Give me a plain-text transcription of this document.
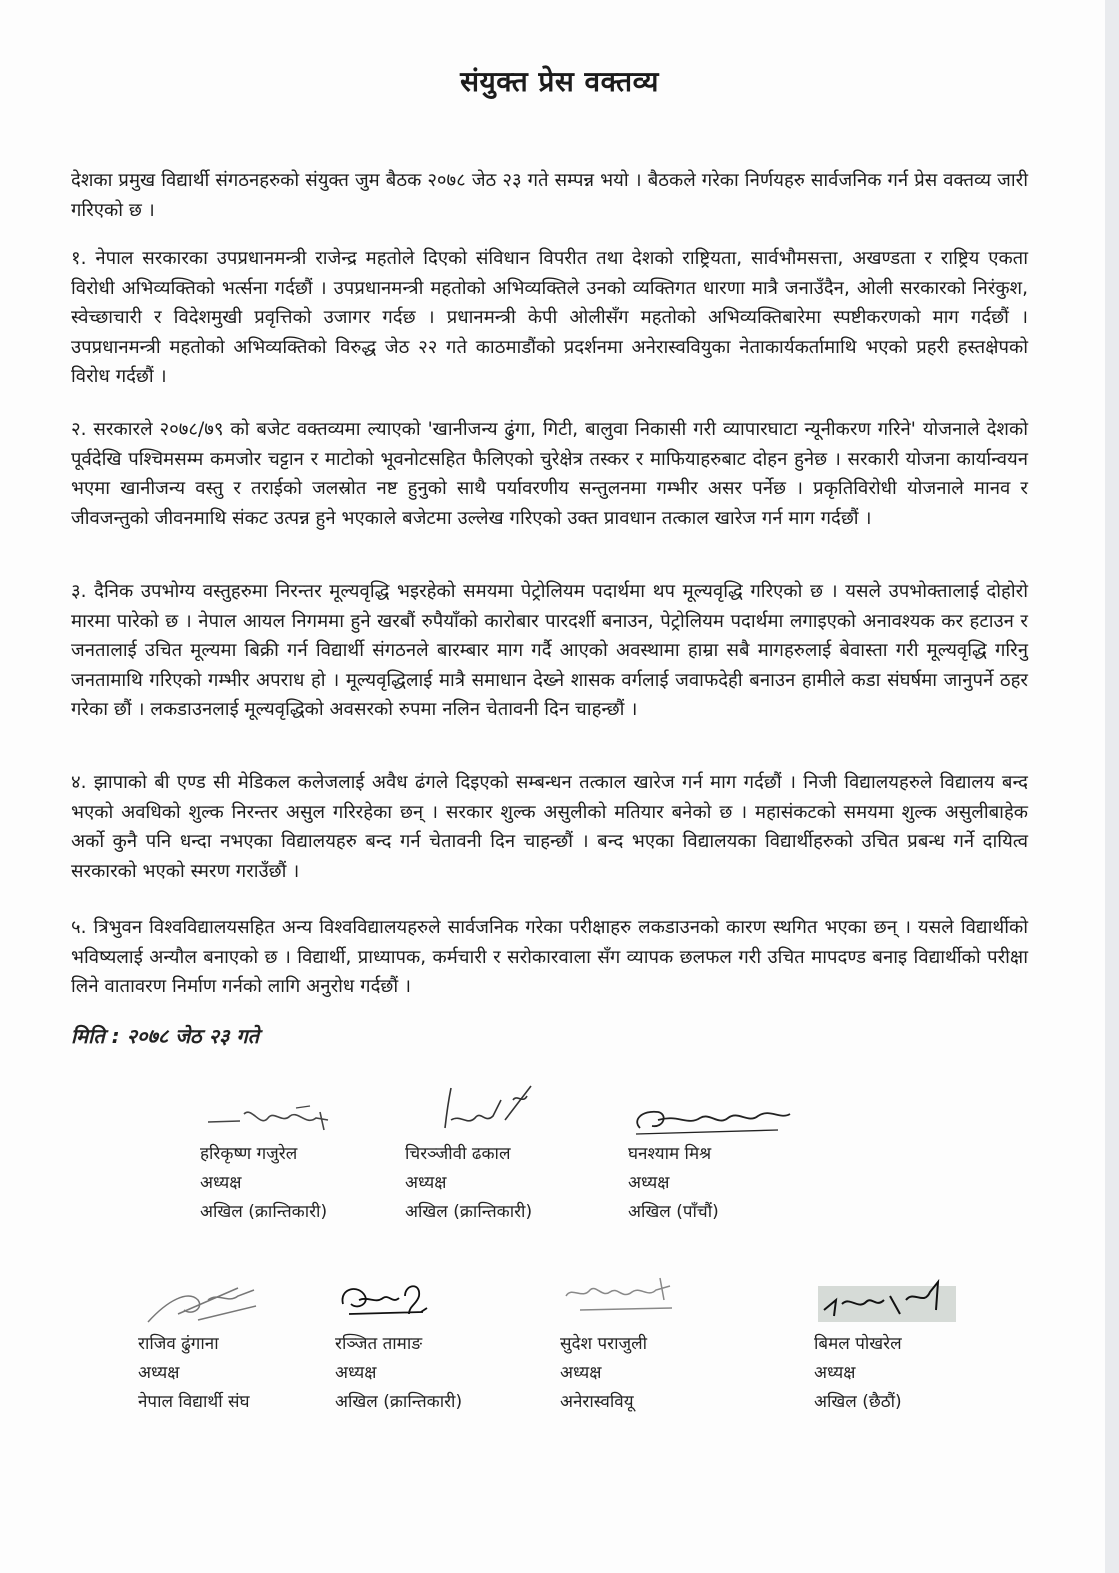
संयुक्त प्रेस वक्तव्य

देशका प्रमुख विद्यार्थी संगठनहरुको संयुक्त जुम बैठक २०७८ जेठ २३ गते सम्पन्न भयो । बैठकले गरेका निर्णयहरु सार्वजनिक गर्न प्रेस वक्तव्य जारी गरिएको छ ।

१. नेपाल सरकारका उपप्रधानमन्त्री राजेन्द्र महतोले दिएको संविधान विपरीत तथा देशको राष्ट्रियता, सार्वभौमसत्ता, अखण्डता र राष्ट्रिय एकता विरोधी अभिव्यक्तिको भर्त्सना गर्दछौं । उपप्रधानमन्त्री महतोको अभिव्यक्तिले उनको व्यक्तिगत धारणा मात्रै जनाउँदैन, ओली सरकारको निरंकुश, स्वेच्छाचारी र विदेशमुखी प्रवृत्तिको उजागर गर्दछ । प्रधानमन्त्री केपी ओलीसँग महतोको अभिव्यक्तिबारेमा स्पष्टीकरणको माग गर्दछौं । उपप्रधानमन्त्री महतोको अभिव्यक्तिको विरुद्ध जेठ २२ गते काठमाडौंको प्रदर्शनमा अनेरास्ववियुका नेताकार्यकर्तामाथि भएको प्रहरी हस्तक्षेपको विरोध गर्दछौं ।

२. सरकारले २०७८/७९ को बजेट वक्तव्यमा ल्याएको 'खानीजन्य ढुंगा, गिटी, बालुवा निकासी गरी व्यापारघाटा न्यूनीकरण गरिने' योजनाले देशको पूर्वदेखि पश्चिमसम्म कमजोर चट्टान र माटोको भूवनोटसहित फैलिएको चुरेक्षेत्र तस्कर र माफियाहरुबाट दोहन हुनेछ । सरकारी योजना कार्यान्वयन भएमा खानीजन्य वस्तु र तराईको जलस्रोत नष्ट हुनुको साथै पर्यावरणीय सन्तुलनमा गम्भीर असर पर्नेछ । प्रकृतिविरोधी योजनाले मानव र जीवजन्तुको जीवनमाथि संकट उत्पन्न हुने भएकाले बजेटमा उल्लेख गरिएको उक्त प्रावधान तत्काल खारेज गर्न माग गर्दछौं ।

३. दैनिक उपभोग्य वस्तुहरुमा निरन्तर मूल्यवृद्धि भइरहेको समयमा पेट्रोलियम पदार्थमा थप मूल्यवृद्धि गरिएको छ । यसले उपभोक्तालाई दोहोरो मारमा पारेको छ । नेपाल आयल निगममा हुने खरबौं रुपैयाँको कारोबार पारदर्शी बनाउन, पेट्रोलियम पदार्थमा लगाइएको अनावश्यक कर हटाउन र जनतालाई उचित मूल्यमा बिक्री गर्न विद्यार्थी संगठनले बारम्बार माग गर्दै आएको अवस्थामा हाम्रा सबै मागहरुलाई बेवास्ता गरी मूल्यवृद्धि गरिनु जनतामाथि गरिएको गम्भीर अपराध हो । मूल्यवृद्धिलाई मात्रै समाधान देख्ने शासक वर्गलाई जवाफदेही बनाउन हामीले कडा संघर्षमा जानुपर्ने ठहर गरेका छौं । लकडाउनलाई मूल्यवृद्धिको अवसरको रुपमा नलिन चेतावनी दिन चाहन्छौं ।

४. झापाको बी एण्ड सी मेडिकल कलेजलाई अवैध ढंगले दिइएको सम्बन्धन तत्काल खारेज गर्न माग गर्दछौं । निजी विद्यालयहरुले विद्यालय बन्द भएको अवधिको शुल्क निरन्तर असुल गरिरहेका छन् । सरकार शुल्क असुलीको मतियार बनेको छ । महासंकटको समयमा शुल्क असुलीबाहेक अर्को कुनै पनि धन्दा नभएका विद्यालयहरु बन्द गर्न चेतावनी दिन चाहन्छौं । बन्द भएका विद्यालयका विद्यार्थीहरुको उचित प्रबन्ध गर्ने दायित्व सरकारको भएको स्मरण गराउँछौं ।

५. त्रिभुवन विश्वविद्यालयसहित अन्य विश्वविद्यालयहरुले सार्वजनिक गरेका परीक्षाहरु लकडाउनको कारण स्थगित भएका छन् । यसले विद्यार्थीको भविष्यलाई अन्यौल बनाएको छ । विद्यार्थी, प्राध्यापक, कर्मचारी र सरोकारवाला सँग व्यापक छलफल गरी उचित मापदण्ड बनाइ विद्यार्थीको परीक्षा लिने वातावरण निर्माण गर्नको लागि अनुरोध गर्दछौं ।

मिति : २०७८ जेठ २३ गते
हरिकृष्ण गजुरेल
अध्यक्ष
अखिल (क्रान्तिकारी)
चिरञ्जीवी ढकाल
अध्यक्ष
अखिल (क्रान्तिकारी)
घनश्याम मिश्र
अध्यक्ष
अखिल (पाँचौं)
राजिव ढुंगाना
अध्यक्ष
नेपाल विद्यार्थी संघ
रञ्जित तामाङ
अध्यक्ष
अखिल (क्रान्तिकारी)
सुदेश पराजुली
अध्यक्ष
अनेरास्ववियू
बिमल पोखरेल
अध्यक्ष
अखिल (छैठौं)
